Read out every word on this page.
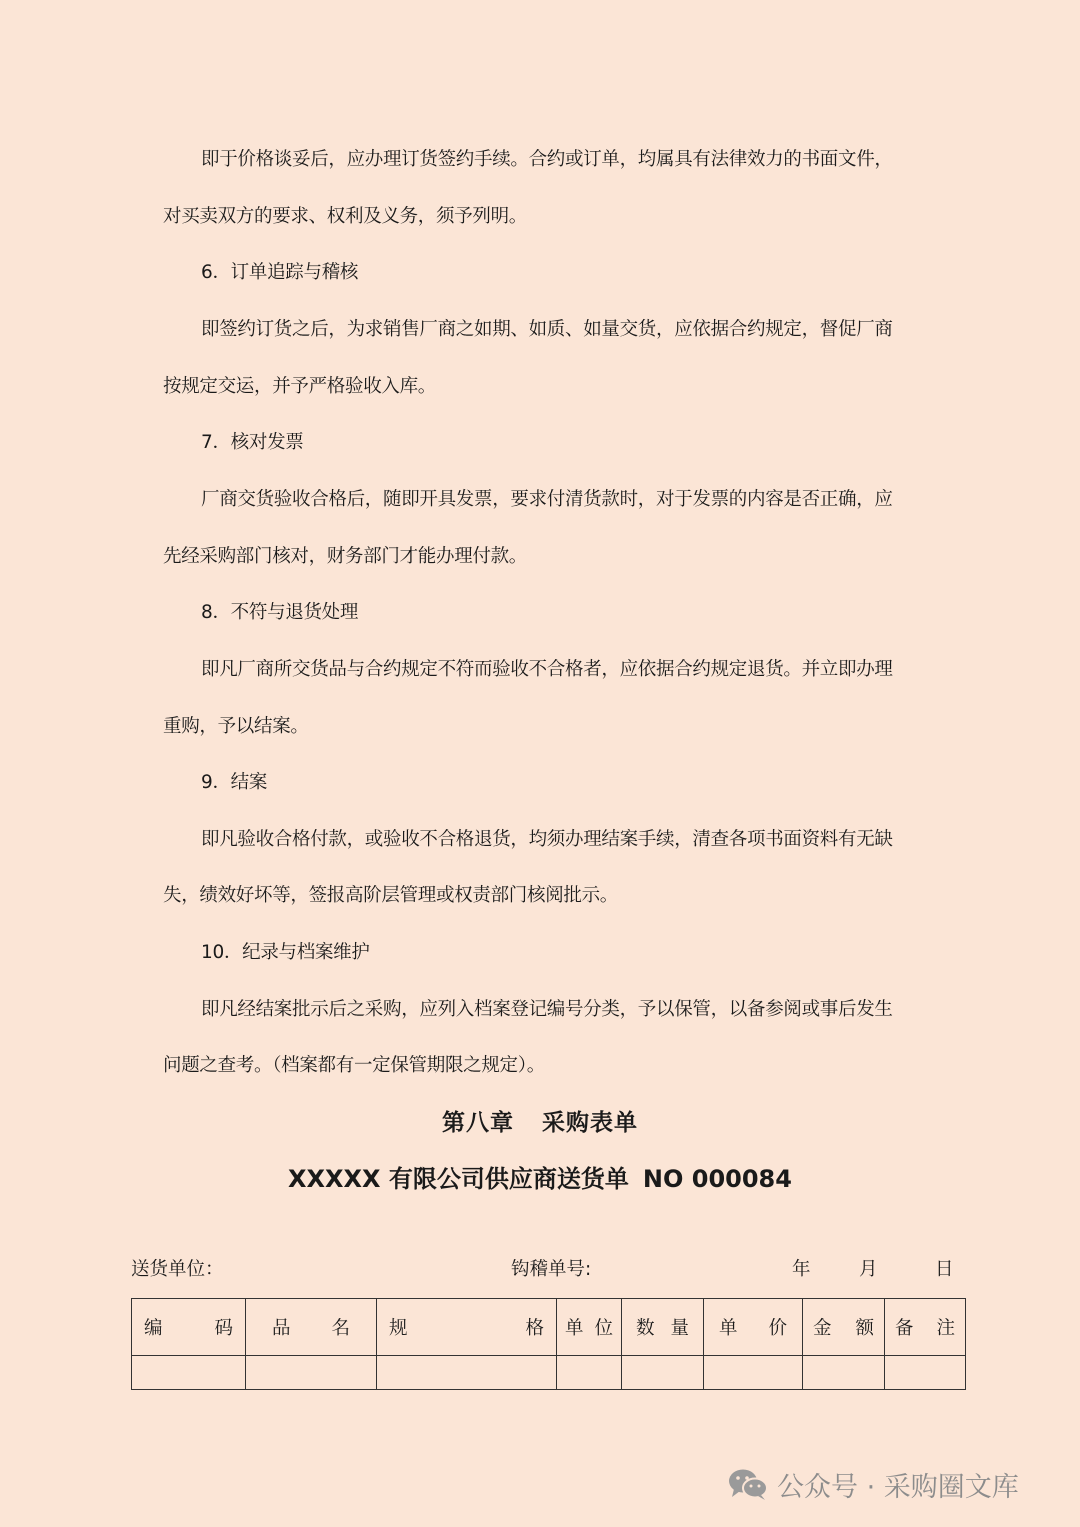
即于价格谈妥后，应办理订货签约手续。合约或订单，均属具有法律效力的书面文件，
对买卖双方的要求、权利及义务，须予列明。
6．订单追踪与稽核
即签约订货之后，为求销售厂商之如期、如质、如量交货，应依据合约规定，督促厂商
按规定交运，并予严格验收入库。
7．核对发票
厂商交货验收合格后，随即开具发票，要求付清货款时，对于发票的内容是否正确，应
先经采购部门核对，财务部门才能办理付款。
8．不符与退货处理
即凡厂商所交货品与合约规定不符而验收不合格者，应依据合约规定退货。并立即办理
重购，予以结案。
9．结案
即凡验收合格付款，或验收不合格退货，均须办理结案手续，清查各项书面资料有无缺
失，绩效好坏等，签报高阶层管理或权责部门核阅批示。
10．纪录与档案维护
即凡经结案批示后之采购，应列入档案登记编号分类，予以保管，以备参阅或事后发生
问题之查考。（档案都有一定保管期限之规定）。
第八章 采购表单
XXXXX 有限公司供应商送货单 NO 000084
送货单位：	钩稽单号:	年	月	日
编 码	品 名	规 格	单 位	数 量	单 价	金 额	备 注

公众号 · 采购圈文库
